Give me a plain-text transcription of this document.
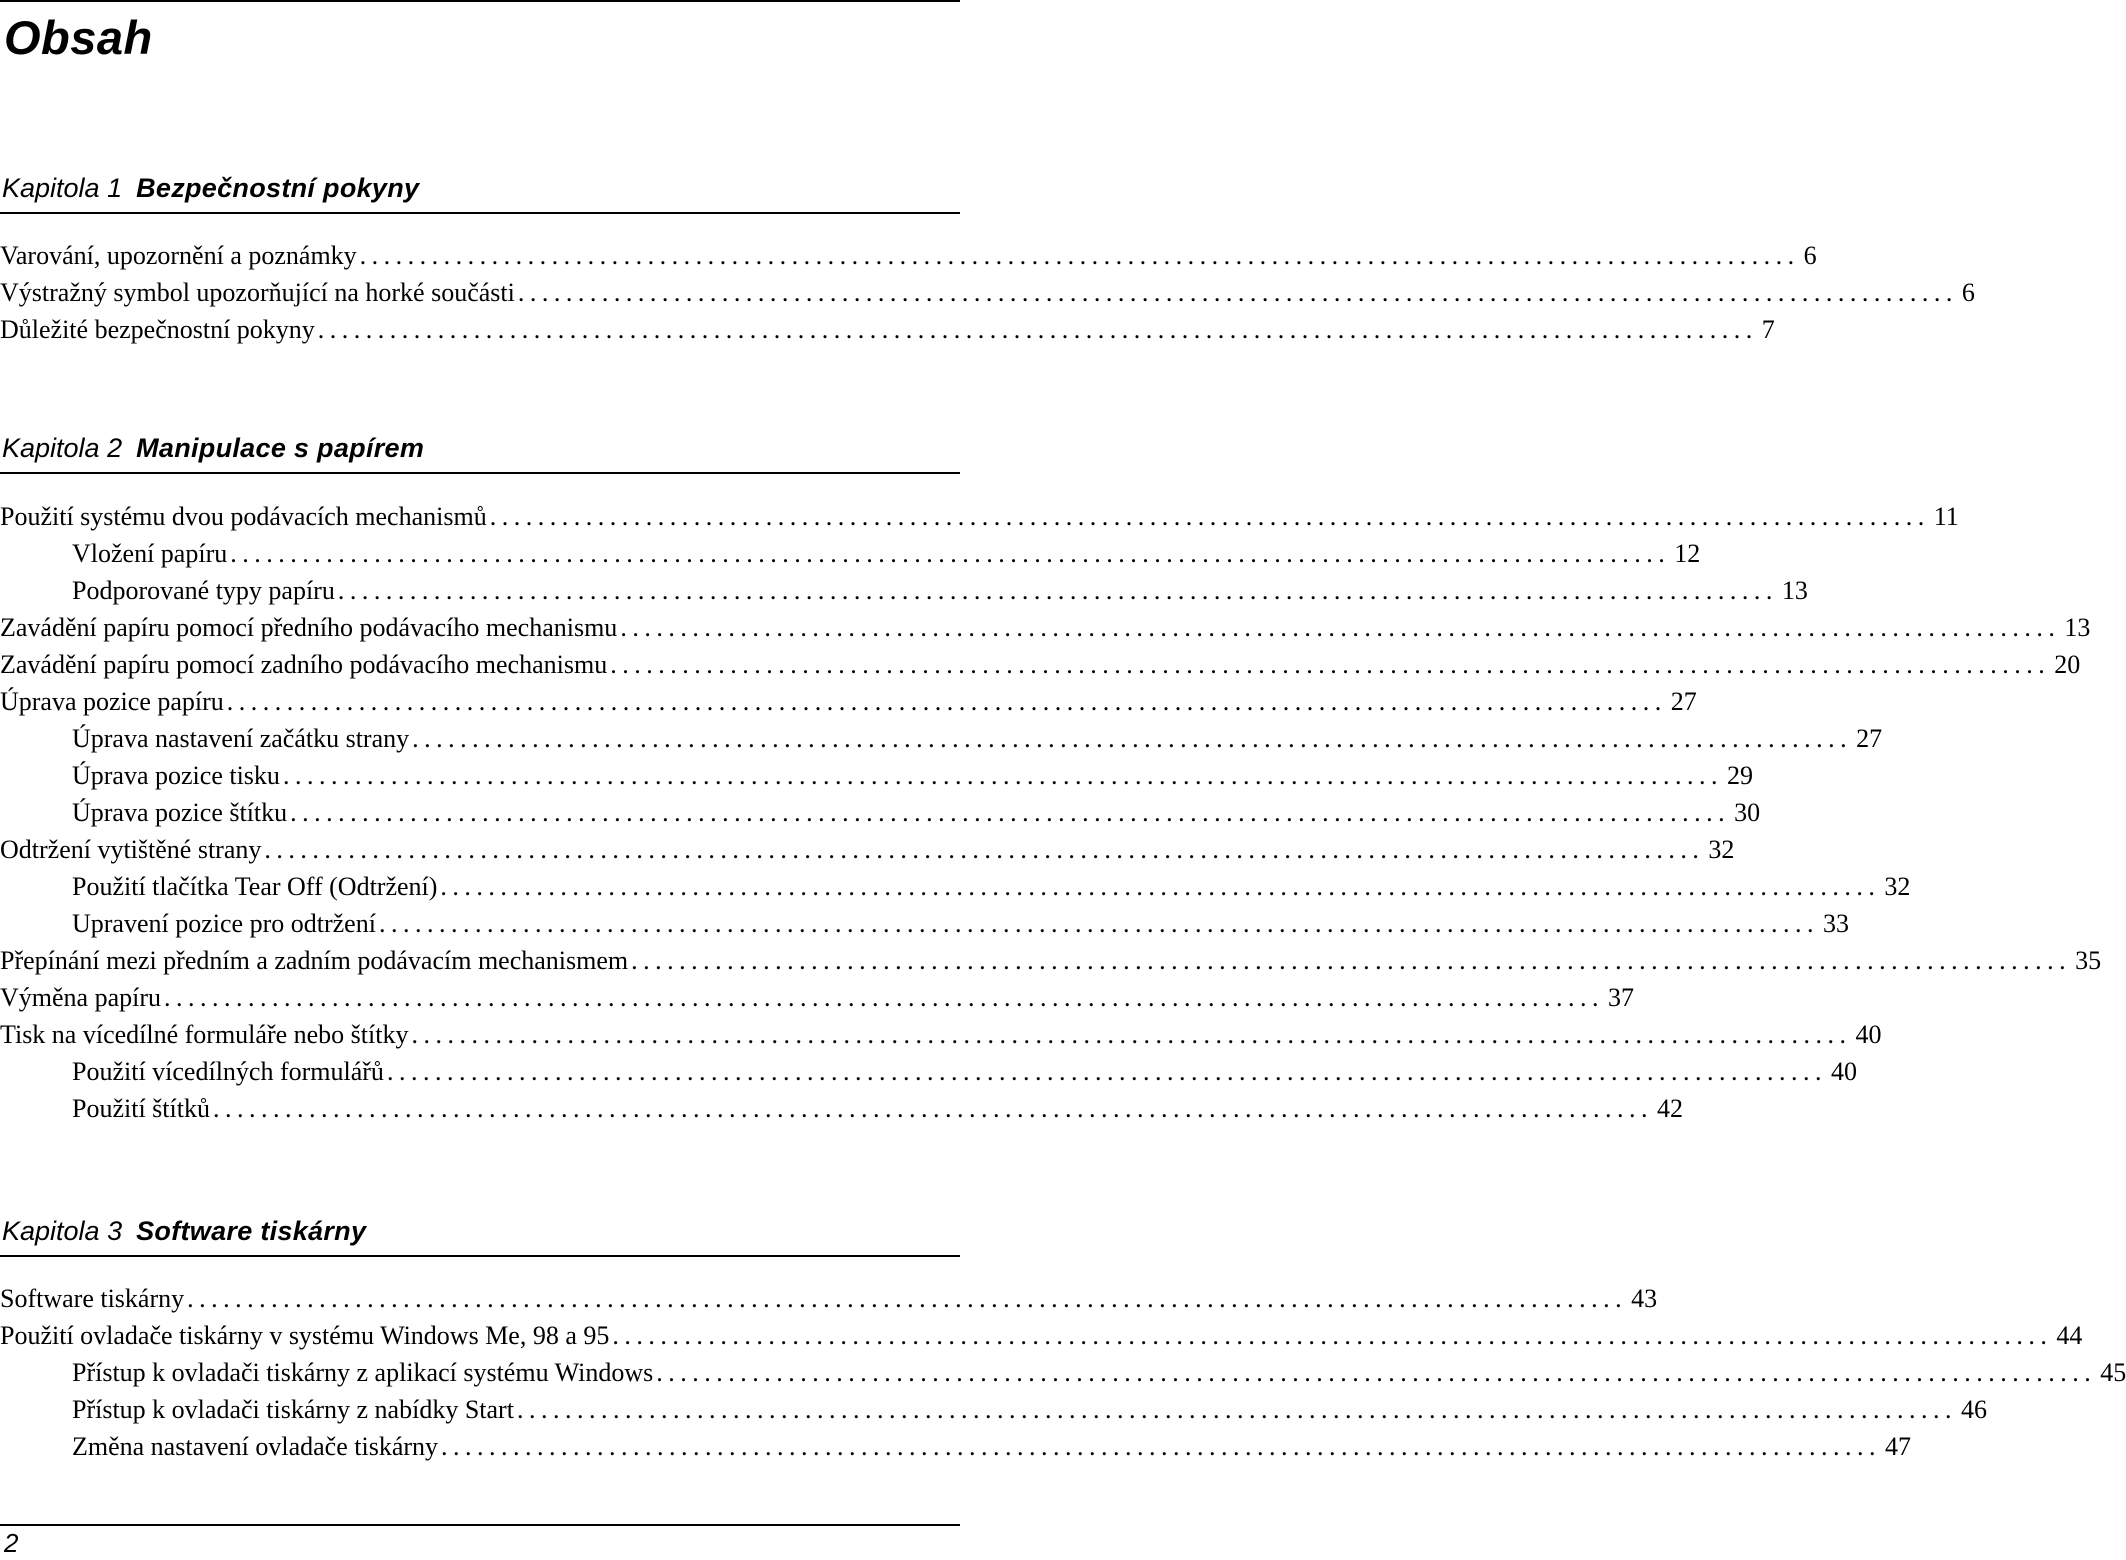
Obsah
Kapitola 1 Bezpečnostní pokyny
Varování, upozornění a poznámky ........................................................................................................................ 6
Výstražný symbol upozorňující na horké součásti ........................................................................................................................ 6
Důležité bezpečnostní pokyny ........................................................................................................................ 7
Kapitola 2 Manipulace s papírem
Použití systému dvou podávacích mechanismů ........................................................................................................................ 11
Vložení papíru ........................................................................................................................ 12
Podporované typy papíru ........................................................................................................................ 13
Zavádění papíru pomocí předního podávacího mechanismu ........................................................................................................................ 13
Zavádění papíru pomocí zadního podávacího mechanismu ........................................................................................................................ 20
Úprava pozice papíru ........................................................................................................................ 27
Úprava nastavení začátku strany ........................................................................................................................ 27
Úprava pozice tisku ........................................................................................................................ 29
Úprava pozice štítku ........................................................................................................................ 30
Odtržení vytištěné strany ........................................................................................................................ 32
Použití tlačítka Tear Off (Odtržení) ........................................................................................................................ 32
Upravení pozice pro odtržení ........................................................................................................................ 33
Přepínání mezi předním a zadním podávacím mechanismem ........................................................................................................................ 35
Výměna papíru ........................................................................................................................ 37
Tisk na vícedílné formuláře nebo štítky ........................................................................................................................ 40
Použití vícedílných formulářů ........................................................................................................................ 40
Použití štítků ........................................................................................................................ 42
Kapitola 3 Software tiskárny
Software tiskárny ........................................................................................................................ 43
Použití ovladače tiskárny v systému Windows Me, 98 a 95 ........................................................................................................................ 44
Přístup k ovladači tiskárny z aplikací systému Windows ........................................................................................................................ 45
Přístup k ovladači tiskárny z nabídky Start ........................................................................................................................ 46
Změna nastavení ovladače tiskárny ........................................................................................................................ 47
2
